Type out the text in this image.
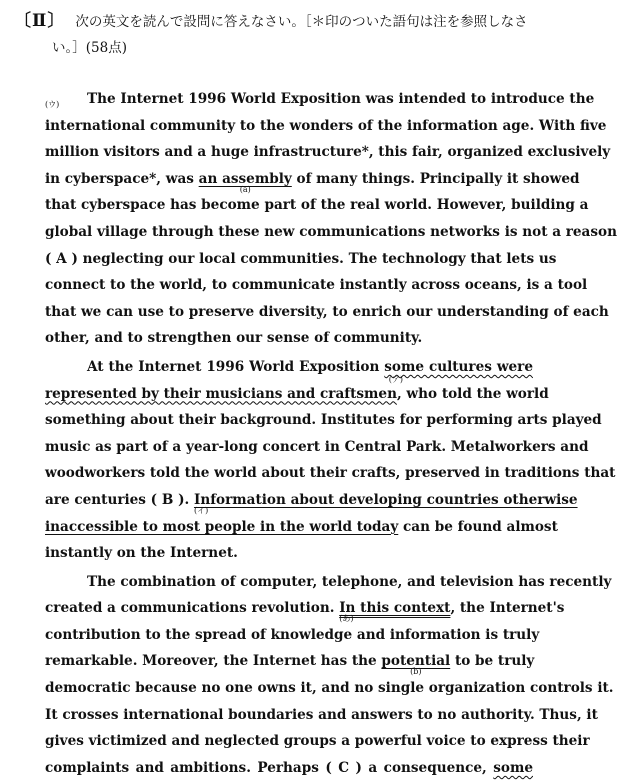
〔Ⅱ〕 次の英文を読んで設問に答えなさい。［＊印のついた語句は注を参照しなさ
い。］(58点)
The Internet 1996 World Exposition was intended to introduce the
international community to the wonders of the information age. With five
million visitors and a huge infrastructure*, this fair, organized exclusively
in cyberspace*, was an assembly
(a)
of many things. Principally it showed
that cyberspace has become part of the real world. However, building a
global village through these new communications networks is not a reason
( A ) neglecting our local communities. The technology that lets us
connect to the world, to communicate instantly across oceans, is a tool
that we can use to preserve diversity, to enrich our understanding of each
other, and to strengthen our sense of community.
At the Internet 1996 World Exposition some cultures were
represented by their musicians and craftsmen
(ア)
, who told the world
something about their background. Institutes for performing arts played
music as part of a year-long concert in Central Park. Metalworkers and
woodworkers told the world about their crafts, preserved in traditions that
are centuries ( B ). Information about developing countries otherwise
(イ)
inaccessible to most people in the world today can be found almost
instantly on the Internet.
The combination of computer, telephone, and television has recently
created a communications revolution. In this context
(あ)
, the Internet's
contribution to the spread of knowledge and information is truly
remarkable. Moreover, the Internet has the potential
(b)
to be truly
democratic because no one owns it, and no single organization controls it.
It crosses international boundaries and answers to no authority. Thus, it
gives victimized and neglected groups a powerful voice to express their
complaints and ambitions. Perhaps ( C ) a consequence, some
(ウ)
